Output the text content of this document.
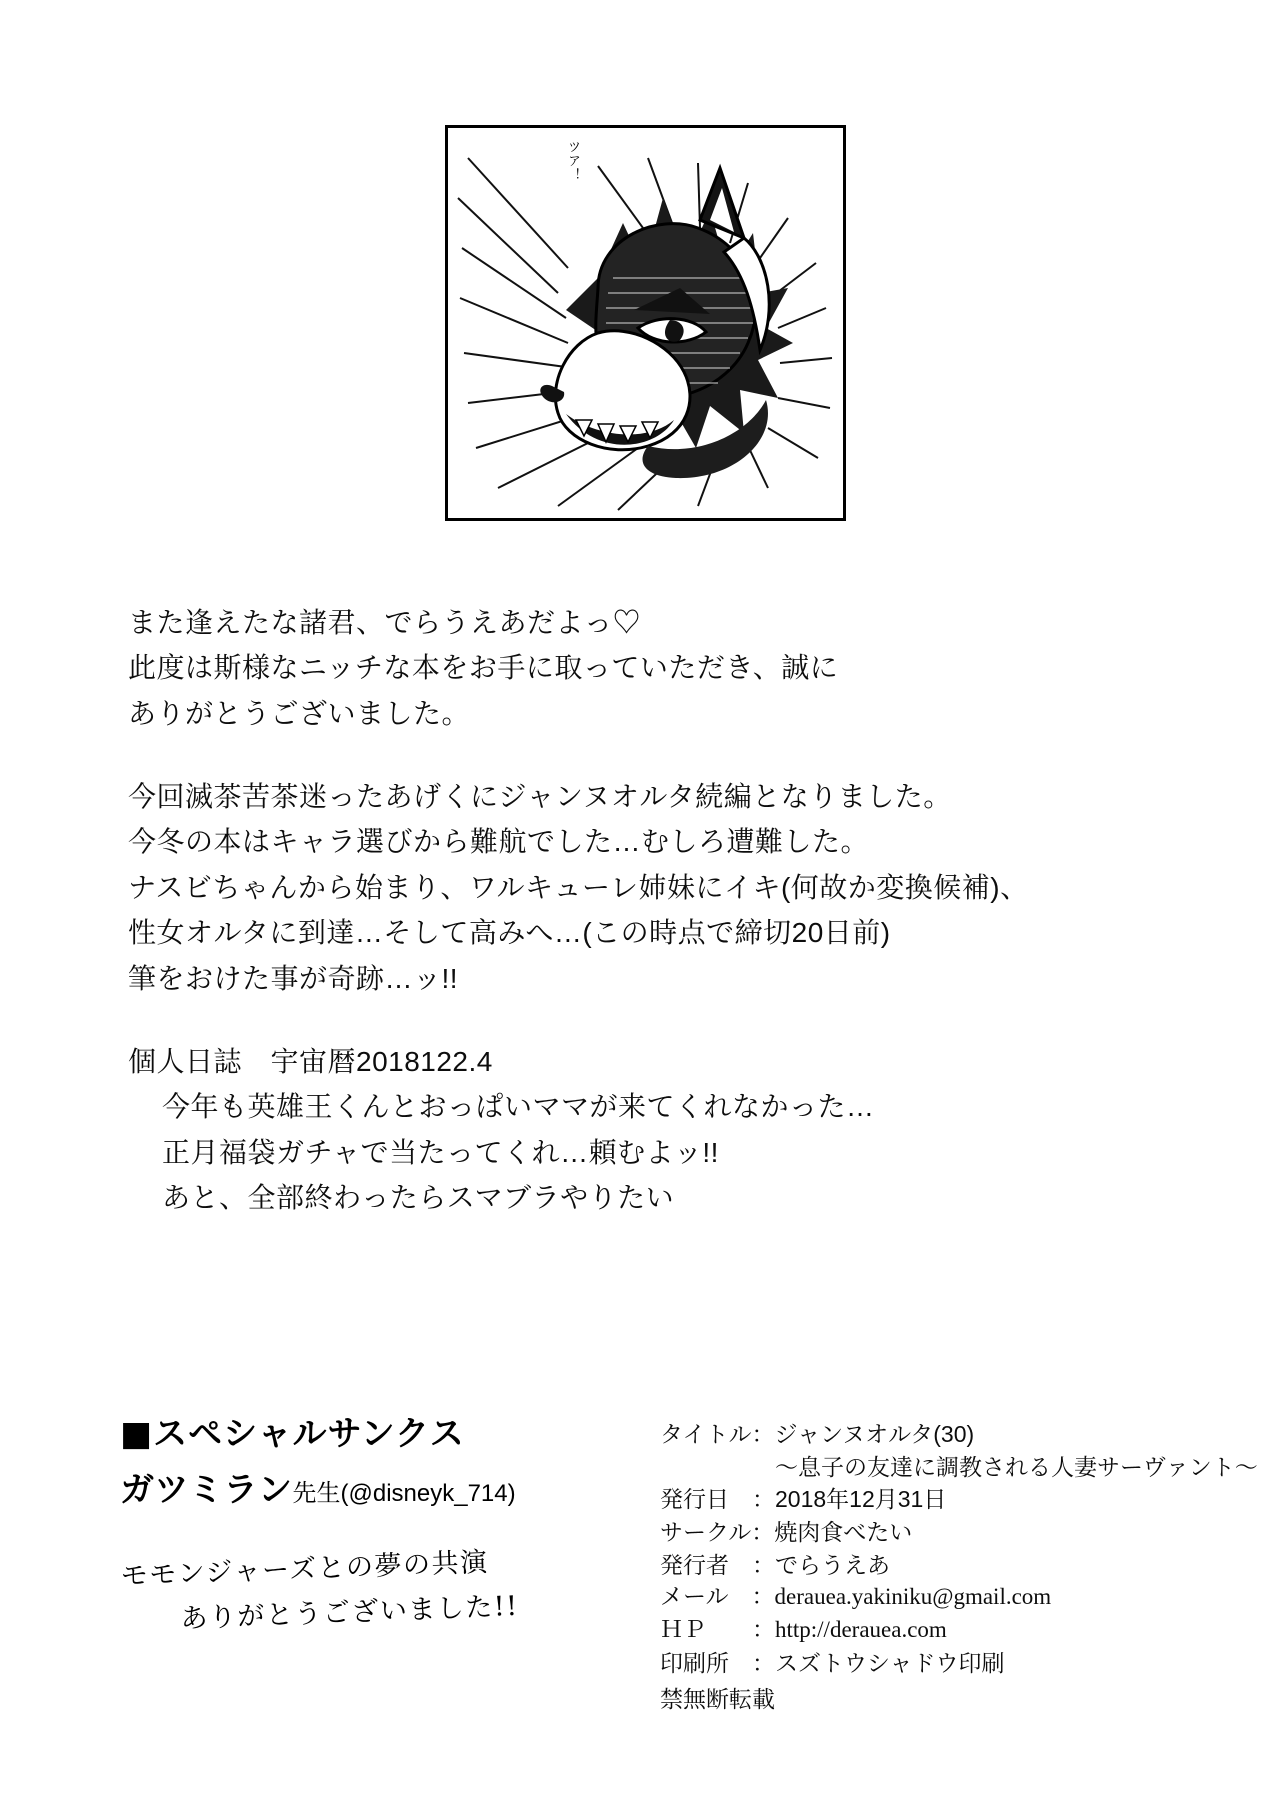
ツア！
また逢えたな諸君、でらうえあだよっ♡
此度は斯様なニッチな本をお手に取っていただき、誠に
ありがとうございました。
今回滅茶苦茶迷ったあげくにジャンヌオルタ続編となりました。
今冬の本はキャラ選びから難航でした…むしろ遭難した。
ナスビちゃんから始まり、ワルキューレ姉妹にイキ(何故か変換候補)、
性女オルタに到達…そして高みへ…(この時点で締切20日前)
筆をおけた事が奇跡…ッ!!
個人日誌　宇宙暦2018122.4
今年も英雄王くんとおっぱいママが来てくれなかった…
正月福袋ガチャで当たってくれ…頼むよッ!!
あと、全部終わったらスマブラやりたい
■スペシャルサンクス
ガツミラン先生(@disneyk_714)
モモンジャーズとの夢の共演
ありがとうございました!!
タイトル：ジャンヌオルタ(30)
　　　　　〜息子の友達に調教される人妻サーヴァント〜
発行日　：2018年12月31日
サークル：焼肉食べたい
発行者　：でらうえあ
メール　：derauea.yakiniku@gmail.com
ＨＰ　　：http://derauea.com
印刷所　：スズトウシャドウ印刷
禁無断転載
